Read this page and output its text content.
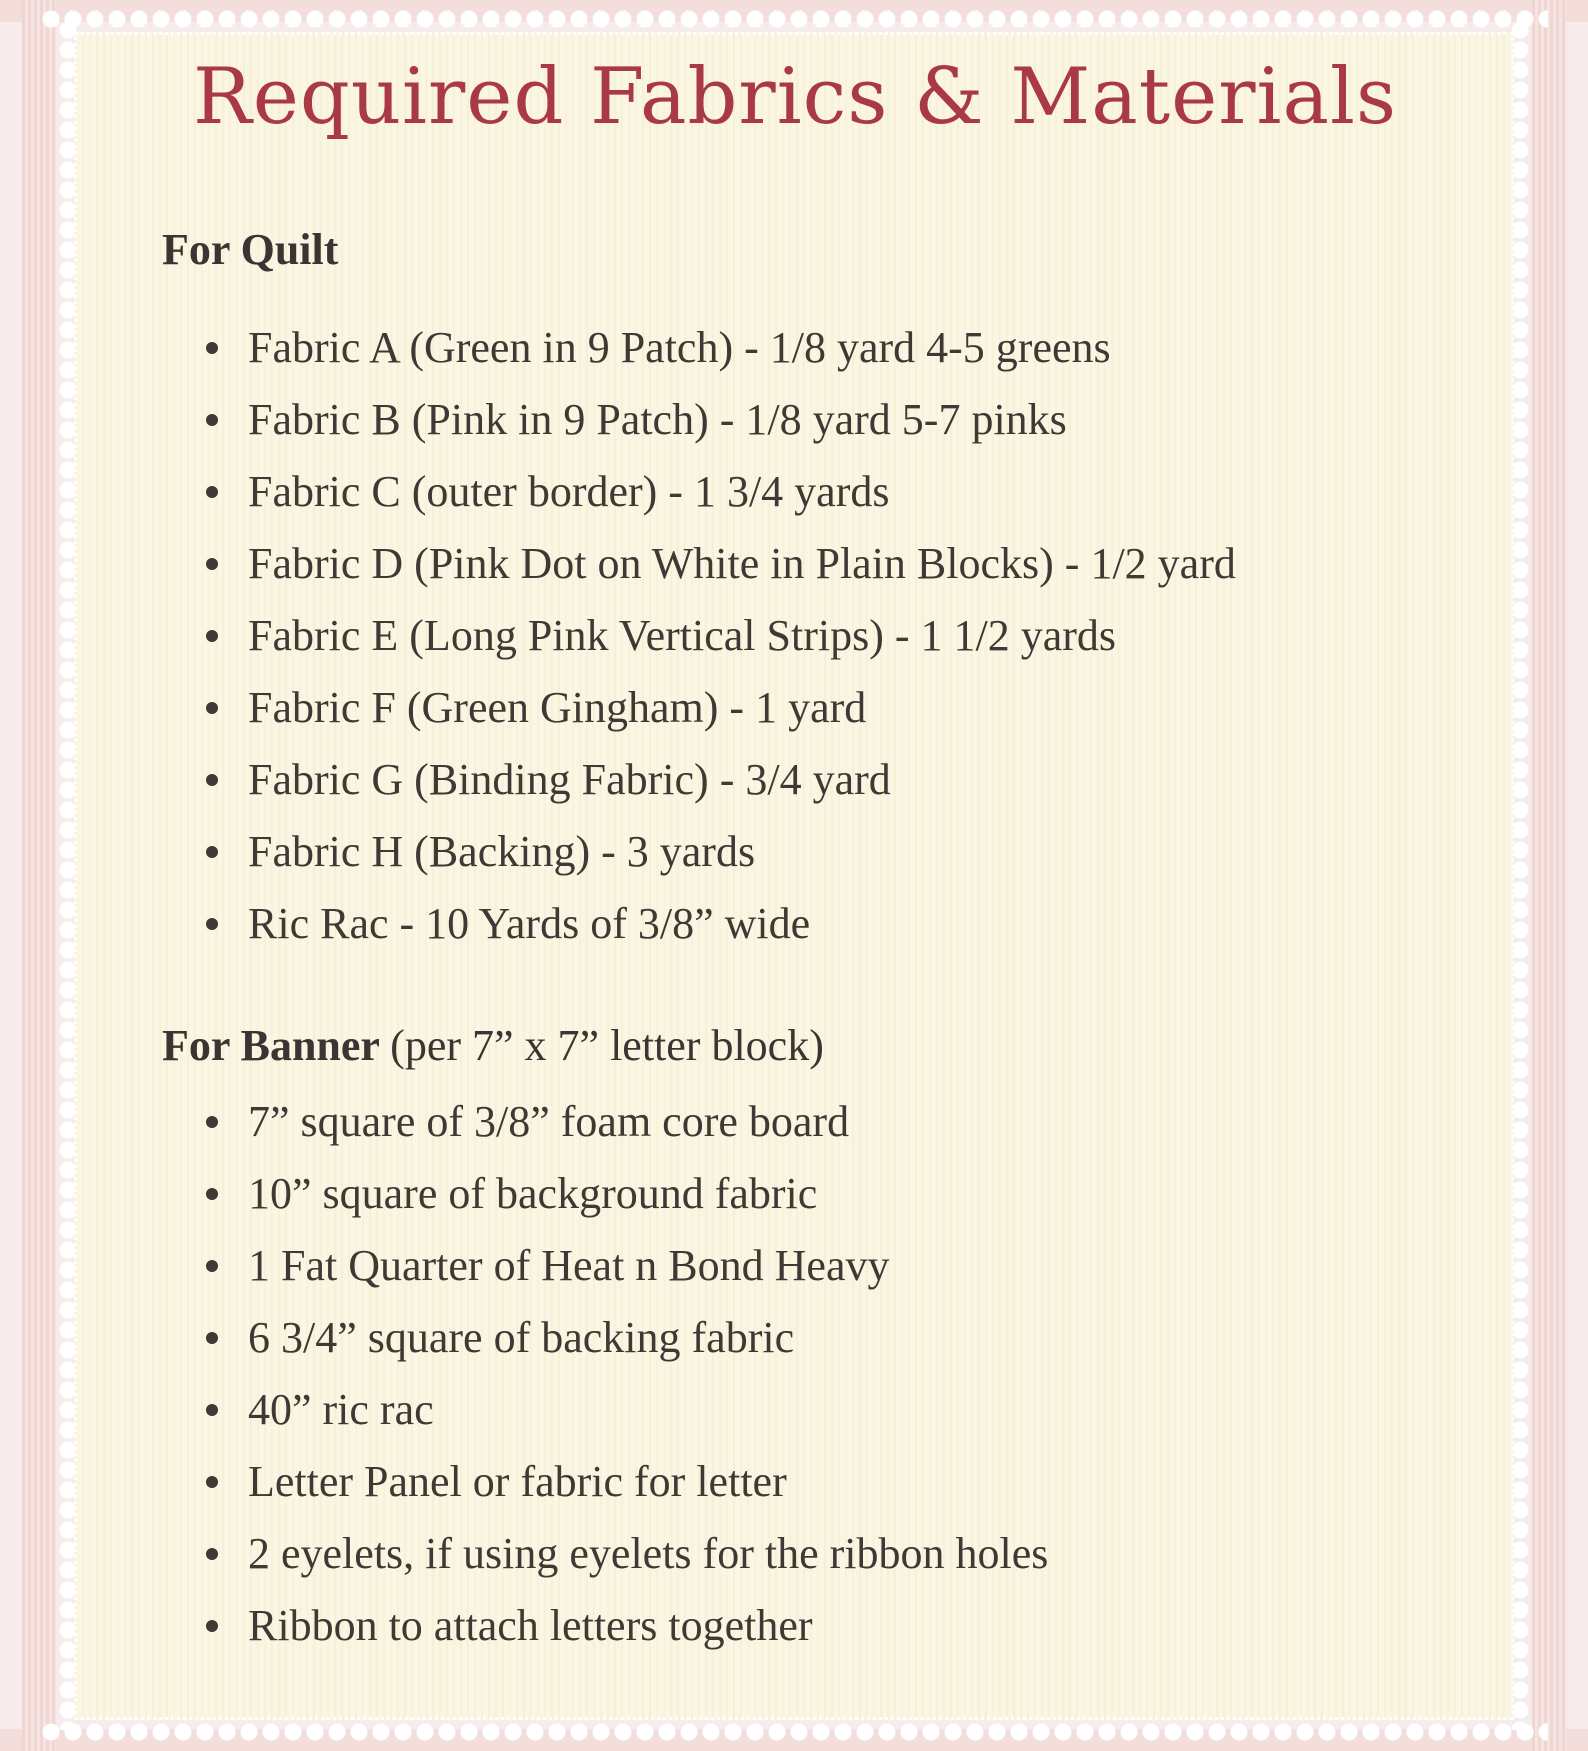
Required Fabrics & Materials
For Quilt
Fabric A (Green in 9 Patch) - 1/8 yard 4-5 greens
Fabric B (Pink in 9 Patch) - 1/8 yard 5-7 pinks
Fabric C (outer border) - 1 3/4 yards
Fabric D (Pink Dot on White in Plain Blocks) - 1/2 yard
Fabric E (Long Pink Vertical Strips) - 1 1/2 yards
Fabric F (Green Gingham) - 1 yard
Fabric G (Binding Fabric) - 3/4 yard
Fabric H (Backing) - 3 yards
Ric Rac - 10 Yards of 3/8” wide
For Banner (per 7” x 7” letter block)
7” square of 3/8” foam core board
10” square of background fabric
1 Fat Quarter of Heat n Bond Heavy
6 3/4” square of backing fabric
40” ric rac
Letter Panel or fabric for letter
2 eyelets, if using eyelets for the ribbon holes
Ribbon to attach letters together
